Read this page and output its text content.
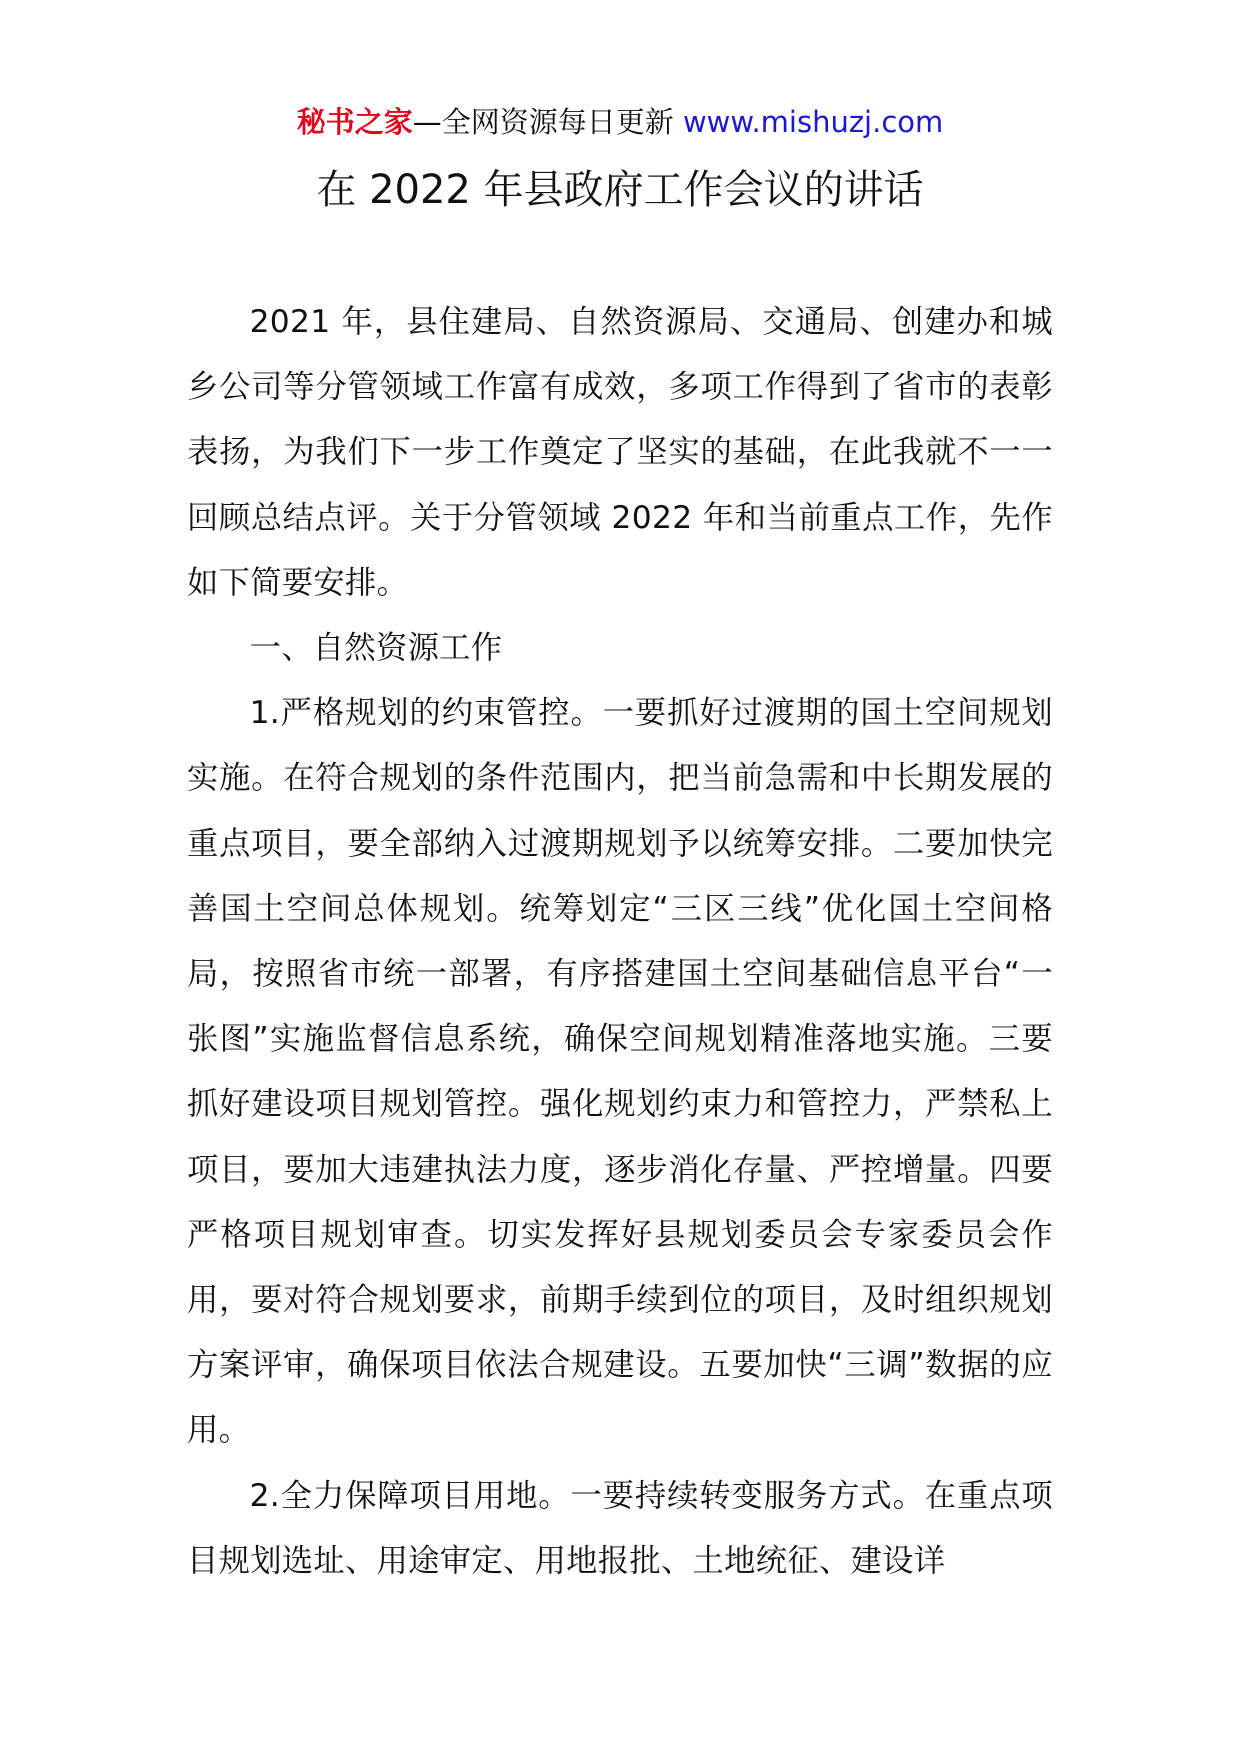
秘书之家—全网资源每日更新 www.mishuzj.com
在 2022 年县政府工作会议的讲话

2021 年，县住建局、自然资源局、交通局、创建办和城乡公司等分管领域工作富有成效，多项工作得到了省市的表彰表扬，为我们下一步工作奠定了坚实的基础，在此我就不一一回顾总结点评。关于分管领域 2022 年和当前重点工作，先作如下简要安排。

一、自然资源工作

1.严格规划的约束管控。一要抓好过渡期的国土空间规划实施。在符合规划的条件范围内，把当前急需和中长期发展的重点项目，要全部纳入过渡期规划予以统筹安排。二要加快完善国土空间总体规划。统筹划定“三区三线”优化国土空间格局，按照省市统一部署，有序搭建国土空间基础信息平台“一张图”实施监督信息系统，确保空间规划精准落地实施。三要抓好建设项目规划管控。强化规划约束力和管控力，严禁私上项目，要加大违建执法力度，逐步消化存量、严控增量。四要严格项目规划审查。切实发挥好县规划委员会专家委员会作用，要对符合规划要求，前期手续到位的项目，及时组织规划方案评审，确保项目依法合规建设。五要加快“三调”数据的应用。

2.全力保障项目用地。一要持续转变服务方式。在重点项目规划选址、用途审定、用地报批、土地统征、建设详
